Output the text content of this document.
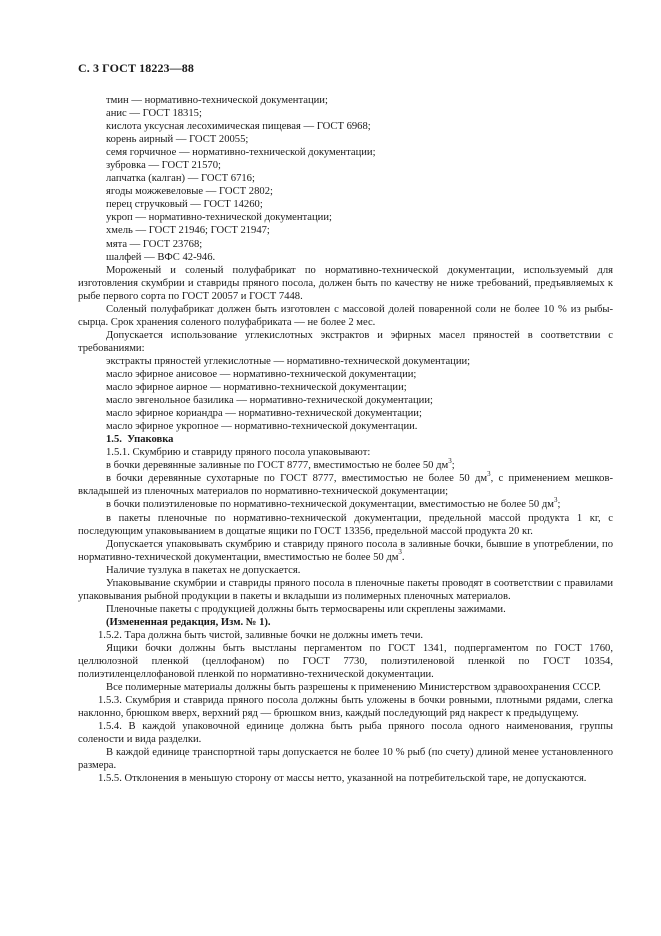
С. 3 ГОСТ 18223—88

тмин — нормативно-технической документации;

анис — ГОСТ 18315;

кислота уксусная лесохимическая пищевая — ГОСТ 6968;

корень аирный — ГОСТ 20055;

семя горчичное — нормативно-технической документации;

зубровка — ГОСТ 21570;

лапчатка (калган) — ГОСТ 6716;

ягоды можжевеловые — ГОСТ 2802;

перец стручковый — ГОСТ 14260;

укроп — нормативно-технической документации;

хмель — ГОСТ 21946; ГОСТ 21947;

мята — ГОСТ 23768;

шалфей — ВФС 42-946.

Мороженый и соленый полуфабрикат по нормативно-технической документации, используемый для изготовления скумбрии и ставриды пряного посола, должен быть по качеству не ниже требований, предъявляемых к рыбе первого сорта по ГОСТ 20057 и ГОСТ 7448.

Соленый полуфабрикат должен быть изготовлен с массовой долей поваренной соли не более 10 % из рыбы-сырца. Срок хранения соленого полуфабриката — не более 2 мес.

Допускается использование углекислотных экстрактов и эфирных масел пряностей в соответствии с требованиями:

экстракты пряностей углекислотные — нормативно-технической документации;

масло эфирное анисовое — нормативно-технической документации;

масло эфирное аирное — нормативно-технической документации;

масло эвгенольное базилика — нормативно-технической документации;

масло эфирное кориандра — нормативно-технической документации;

масло эфирное укропное — нормативно-технической документации.

1.5. Упаковка

1.5.1. Скумбрию и ставриду пряного посола упаковывают:

в бочки деревянные заливные по ГОСТ 8777, вместимостью не более 50 $дм^3$;

в бочки деревянные сухотарные по ГОСТ 8777, вместимостью не более 50 $дм^3$, с применением мешков-вкладышей из пленочных материалов по нормативно-технической документации;

в бочки полиэтиленовые по нормативно-технической документации, вместимостью не более 50 $дм^3$;

в пакеты пленочные по нормативно-технической документации, предельной массой продукта 1 кг, с последующим упаковыванием в дощатые ящики по ГОСТ 13356, предельной массой продукта 20 кг.

Допускается упаковывать скумбрию и ставриду пряного посола в заливные бочки, бывшие в употреблении, по нормативно-технической документации, вместимостью не более 50 $дм^3$.

Наличие тузлука в пакетах не допускается.

Упаковывание скумбрии и ставриды пряного посола в пленочные пакеты проводят в соответствии с правилами упаковывания рыбной продукции в пакеты и вкладыши из полимерных пленочных материалов.

Пленочные пакеты с продукцией должны быть термосварены или скреплены зажимами.

(Измененная редакция, Изм. № 1).

1.5.2. Тара должна быть чистой, заливные бочки не должны иметь течи.

Ящики бочки должны быть выстланы пергаментом по ГОСТ 1341, подпергаментом по ГОСТ 1760, целлюлозной пленкой (целлофаном) по ГОСТ 7730, полиэтиленовой пленкой по ГОСТ 10354, полиэтиленцеллофановой пленкой по нормативно-технической документации.

Все полимерные материалы должны быть разрешены к применению Министерством здравоохранения СССР.

1.5.3. Скумбрия и ставрида пряного посола должны быть уложены в бочки ровными, плотными рядами, слегка наклонно, брюшком вверх, верхний ряд — брюшком вниз, каждый последующий ряд накрест к предыдущему.

1.5.4. В каждой упаковочной единице должна быть рыба пряного посола одного наименования, группы солености и вида разделки.

В каждой единице транспортной тары допускается не более 10 % рыб (по счету) длиной менее установленного размера.

1.5.5. Отклонения в меньшую сторону от массы нетто, указанной на потребительской таре, не допускаются.
